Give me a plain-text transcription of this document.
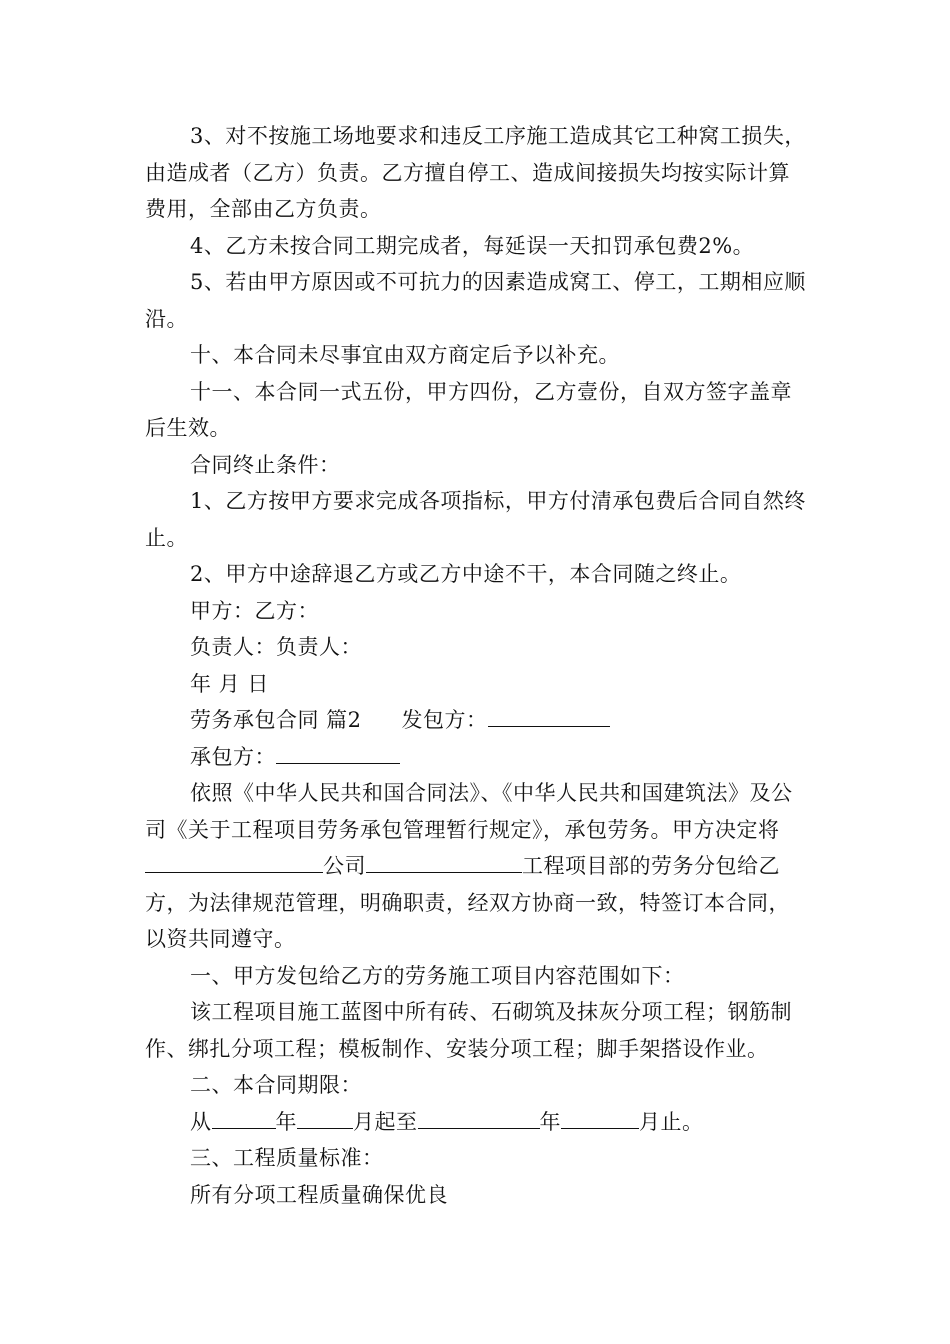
3、对不按施工场地要求和违反工序施工造成其它工种窝工损失，由造成者（乙方）负责。乙方擅自停工、造成间接损失均按实际计算费用，全部由乙方负责。

4、乙方未按合同工期完成者，每延误一天扣罚承包费2%。

5、若由甲方原因或不可抗力的因素造成窝工、停工，工期相应顺沿。

十、本合同未尽事宜由双方商定后予以补充。

十一、本合同一式五份，甲方四份，乙方壹份，自双方签字盖章后生效。

合同终止条件：

1、乙方按甲方要求完成各项指标，甲方付清承包费后合同自然终止。

2、甲方中途辞退乙方或乙方中途不干，本合同随之终止。

甲方：乙方：

负责人：负责人：

年 月 日

劳务承包合同 篇2 发包方：

承包方：

依照《中华人民共和国合同法》、《中华人民共和国建筑法》及公司《关于工程项目劳务承包管理暂行规定》，承包劳务。甲方决定将公司	工程项目部的劳务分包给乙方，为法律规范管理，明确职责，经双方协商一致，特签订本合同，以资共同遵守。

一、甲方发包给乙方的劳务施工项目内容范围如下：

该工程项目施工蓝图中所有砖、石砌筑及抹灰分项工程；钢筋制作、绑扎分项工程；模板制作、安装分项工程；脚手架搭设作业。

二、本合同期限：

从	年	月起至	年	月止。

三、工程质量标准：

所有分项工程质量确保优良
